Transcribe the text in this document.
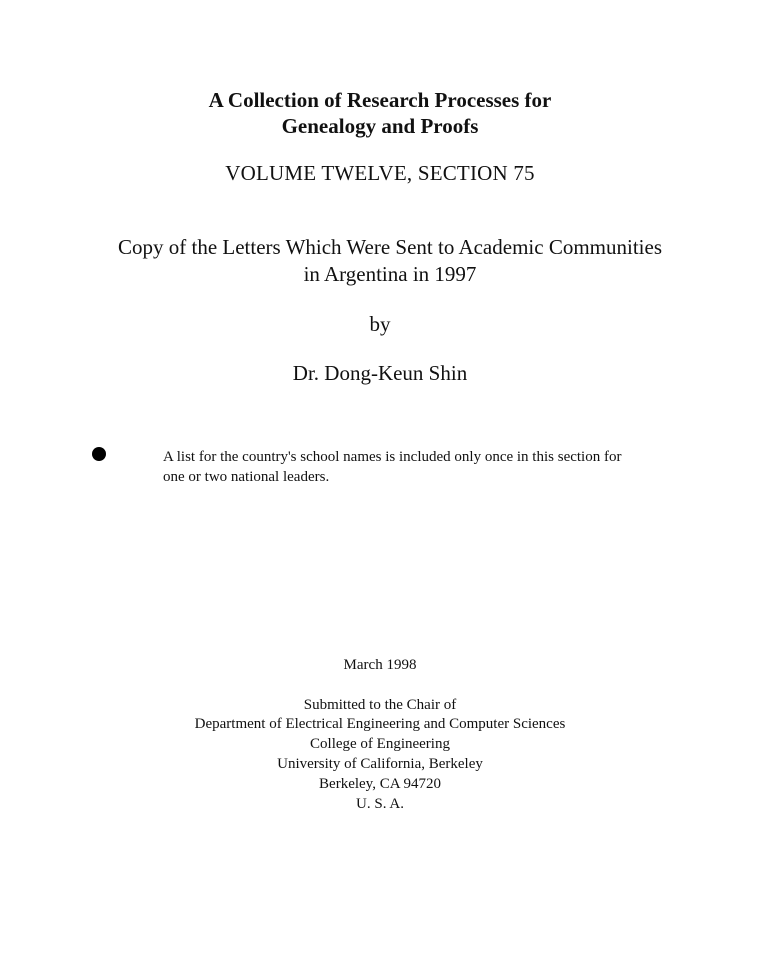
A Collection of Research Processes for

Genealogy and Proofs

VOLUME TWELVE, SECTION 75

Copy of the Letters Which Were Sent to Academic Communities

in Argentina in 1997

by

Dr. Dong-Keun Shin

A list for the country's school names is included only once in this section for

one or two national leaders.

March 1998

Submitted to the Chair of

Department of Electrical Engineering and Computer Sciences

College of Engineering

University of California, Berkeley

Berkeley, CA 94720

U. S. A.
